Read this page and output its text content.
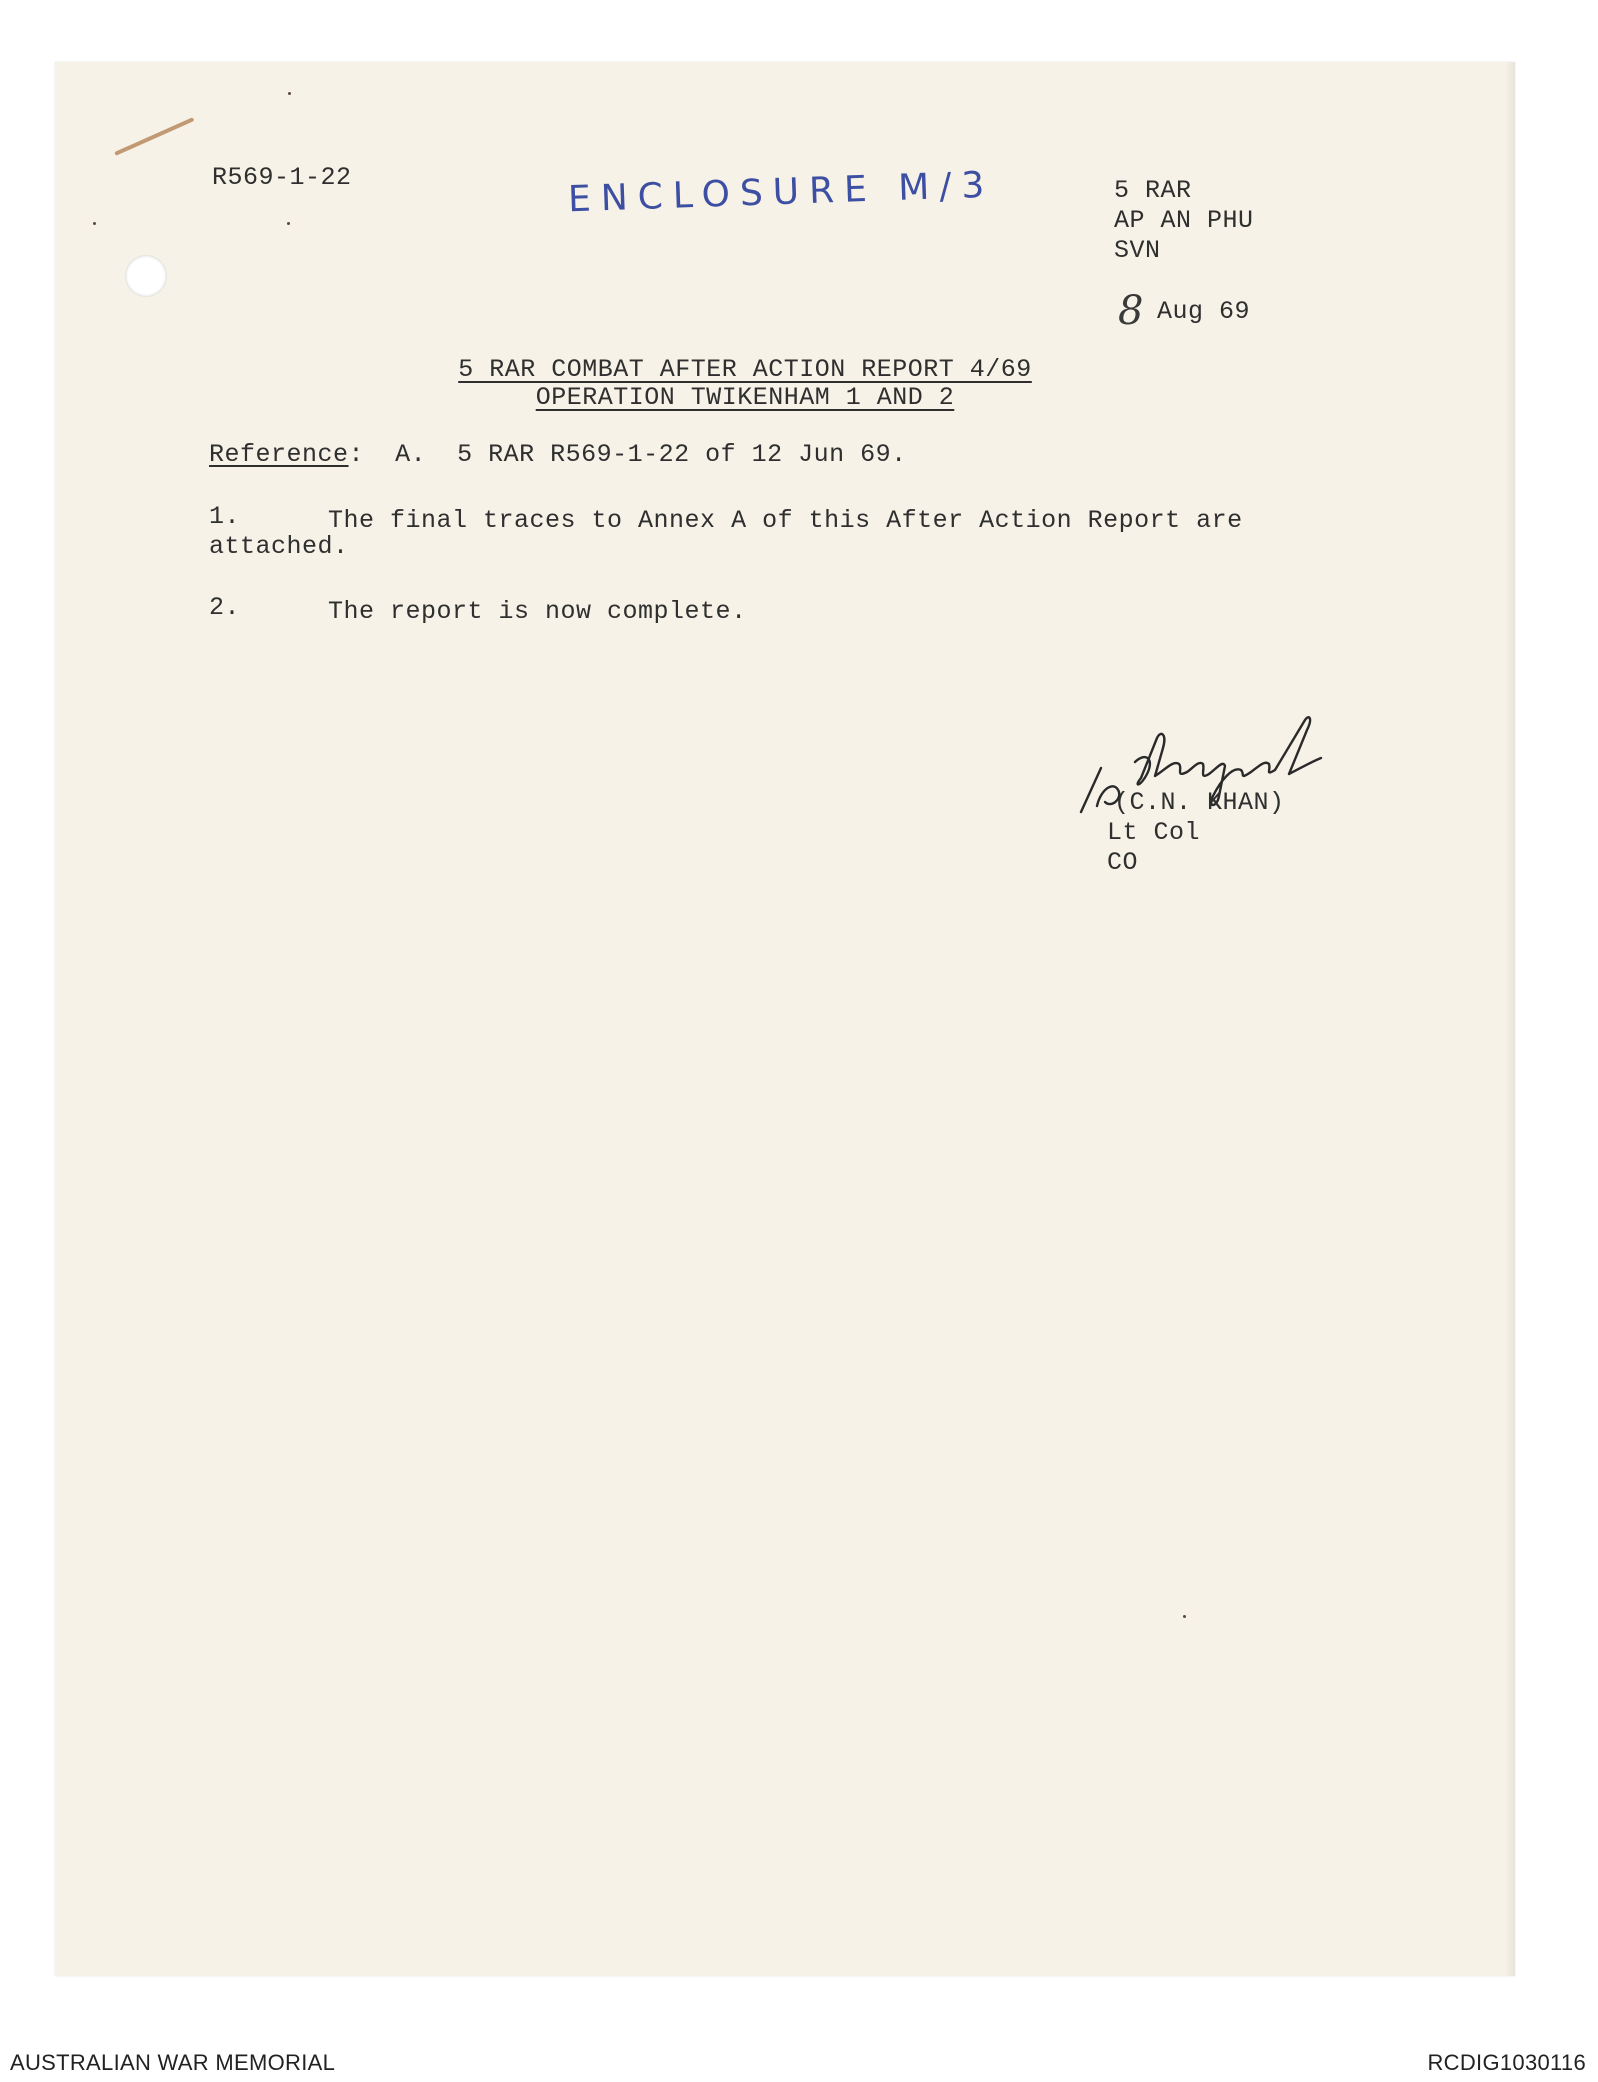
R569-1-22	ENCLOSURE M/3	5 RAR
AP AN PHU
SVN
8 Aug 69
5 RAR COMBAT AFTER ACTION REPORT 4/69
OPERATION TWIKENHAM 1 AND 2
Reference: A.  5 RAR R569-1-22 of 12 Jun 69.
1.	The final traces to Annex A of this After Action Report are
attached.
2.	The report is now complete.
(C.N. KHAN)
Lt Col
CO
AUSTRALIAN WAR MEMORIAL	RCDIG1030116
